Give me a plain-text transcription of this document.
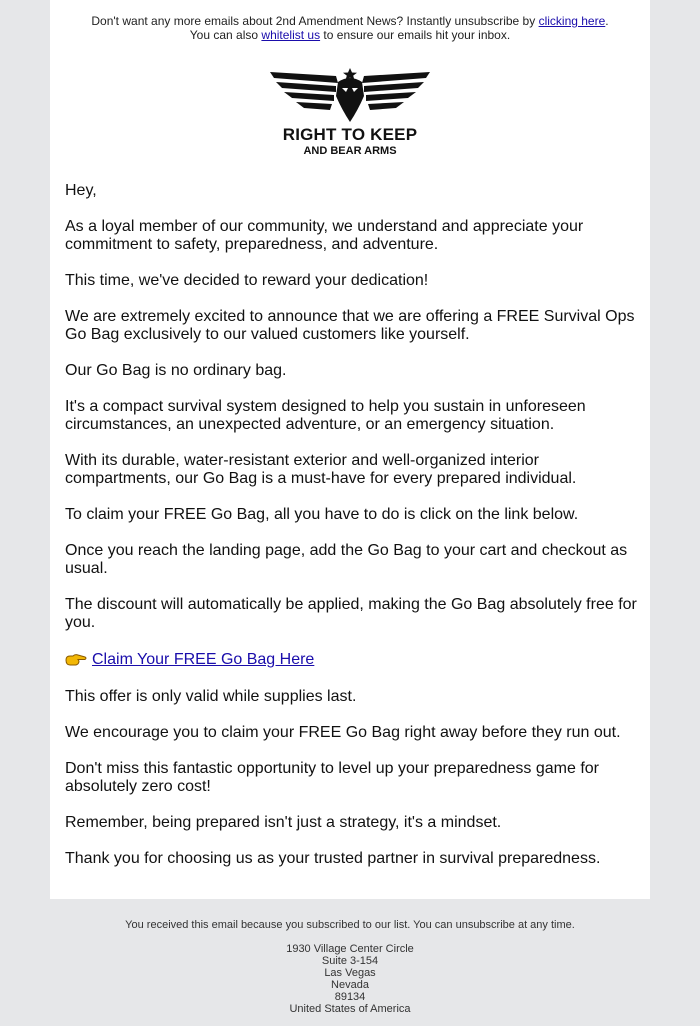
Don't want any more emails about 2nd Amendment News? Instantly unsubscribe by clicking here.
You can also whitelist us to ensure our emails hit your inbox.
RIGHT TO KEEP
AND BEAR ARMS

Hey,

As a loyal member of our community, we understand and appreciate your commitment to safety, preparedness, and adventure.

This time, we've decided to reward your dedication!

We are extremely excited to announce that we are offering a FREE Survival Ops Go Bag exclusively to our valued customers like yourself.

Our Go Bag is no ordinary bag.

It's a compact survival system designed to help you sustain in unforeseen circumstances, an unexpected adventure, or an emergency situation.

With its durable, water-resistant exterior and well-organized interior compartments, our Go Bag is a must-have for every prepared individual.

To claim your FREE Go Bag, all you have to do is click on the link below.

Once you reach the landing page, add the Go Bag to your cart and checkout as usual.

The discount will automatically be applied, making the Go Bag absolutely free for you.

Claim Your FREE Go Bag Here

This offer is only valid while supplies last.

We encourage you to claim your FREE Go Bag right away before they run out.

Don't miss this fantastic opportunity to level up your preparedness game for absolutely zero cost!

Remember, being prepared isn't just a strategy, it's a mindset.

Thank you for choosing us as your trusted partner in survival preparedness.

You received this email because you subscribed to our list. You can unsubscribe at any time.
1930 Village Center Circle
Suite 3-154
Las Vegas
Nevada
89134
United States of America
